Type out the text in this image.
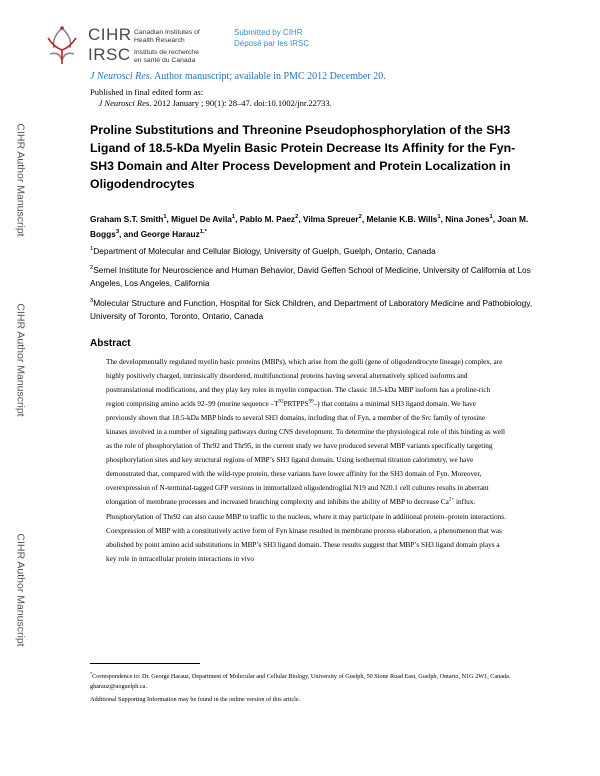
CIHR
IRSC
Canadian Institutes of
Health Research
Instituts de recherche
en santé du Canada
Submitted by CIHR
Déposé par les IRSC
J Neurosci Res. Author manuscript; available in PMC 2012 December 20.
Published in final edited form as:
J Neurosci Res. 2012 January ; 90(1): 28–47. doi:10.1002/jnr.22733.
CIHR Author Manuscript
CIHR Author Manuscript
CIHR Author Manuscript
Proline Substitutions and Threonine Pseudophosphorylation of the SH3 Ligand of 18.5-kDa Myelin Basic Protein Decrease Its Affinity for the Fyn-SH3 Domain and Alter Process Development and Protein Localization in Oligodendrocytes
Graham S.T. Smith$^1$, Miguel De Avila$^1$, Pablo M. Paez$^2$, Vilma Spreuer$^2$, Melanie K.B. Wills$^1$, Nina Jones$^1$, Joan M. Boggs$^3$, and George Harauz$^{1,*}$
$^1$Department of Molecular and Cellular Biology, University of Guelph, Guelph, Ontario, Canada
$^2$Semel Institute for Neuroscience and Human Behavior, David Geffen School of Medicine, University of California at Los Angeles, Los Angeles, California
$^3$Molecular Structure and Function, Hospital for Sick Children, and Department of Laboratory Medicine and Pathobiology, University of Toronto, Toronto, Ontario, Canada
Abstract
The developmentally regulated myelin basic proteins (MBPs), which arise from the golli (gene of oligodendrocyte lineage) complex, are highly positively charged, intrinsically disordered, multifunctional proteins having several alternatively spliced isoforms and posttranslational modifications, and they play key roles in myelin compaction. The classic 18.5-kDa MBP isoform has a proline-rich region comprising amino acids 92–99 (murine sequence $-T^{92}PRTPPS^{99}-$) that contains a minimal SH3 ligand domain. We have previously shown that 18.5-kDa MBP binds to several SH3 domains, including that of Fyn, a member of the Src family of tyrosine kinases involved in a number of signaling pathways during CNS development. To determine the physiological role of this binding as well as the role of phosphorylation of Thr92 and Thr95, in the current study we have produced several MBP variants specifically targeting phosphorylation sites and key structural regions of MBP’s SH3 ligand domain. Using isothermal titration calorimetry, we have demonstrated that, compared with the wild-type protein, these variants have lower affinity for the SH3 domain of Fyn. Moreover, overexpression of N-terminal-tagged GFP versions in immortalized oligodendroglial N19 and N20.1 cell cultures results in aberrant elongation of membrane processes and increased branching complexity and inhibits the ability of MBP to decrease $Ca^{2+}$ influx. Phosphorylation of Thr92 can also cause MBP to traffic to the nucleus, where it may participate in additional protein–protein interactions. Coexpression of MBP with a constitutively active form of Fyn kinase resulted in membrane process elaboration, a phenomenon that was abolished by point amino acid substitutions in MBP’s SH3 ligand domain. These results suggest that MBP’s SH3 ligand domain plays a key role in intracellular protein interactions in vivo
*Correspondence to: Dr. George Harauz, Department of Molecular and Cellular Biology, University of Guelph, 50 Stone Road East, Guelph, Ontario, N1G 2W1, Canada. gharauz@uoguelph.ca.
Additional Supporting Information may be found in the online version of this article.
